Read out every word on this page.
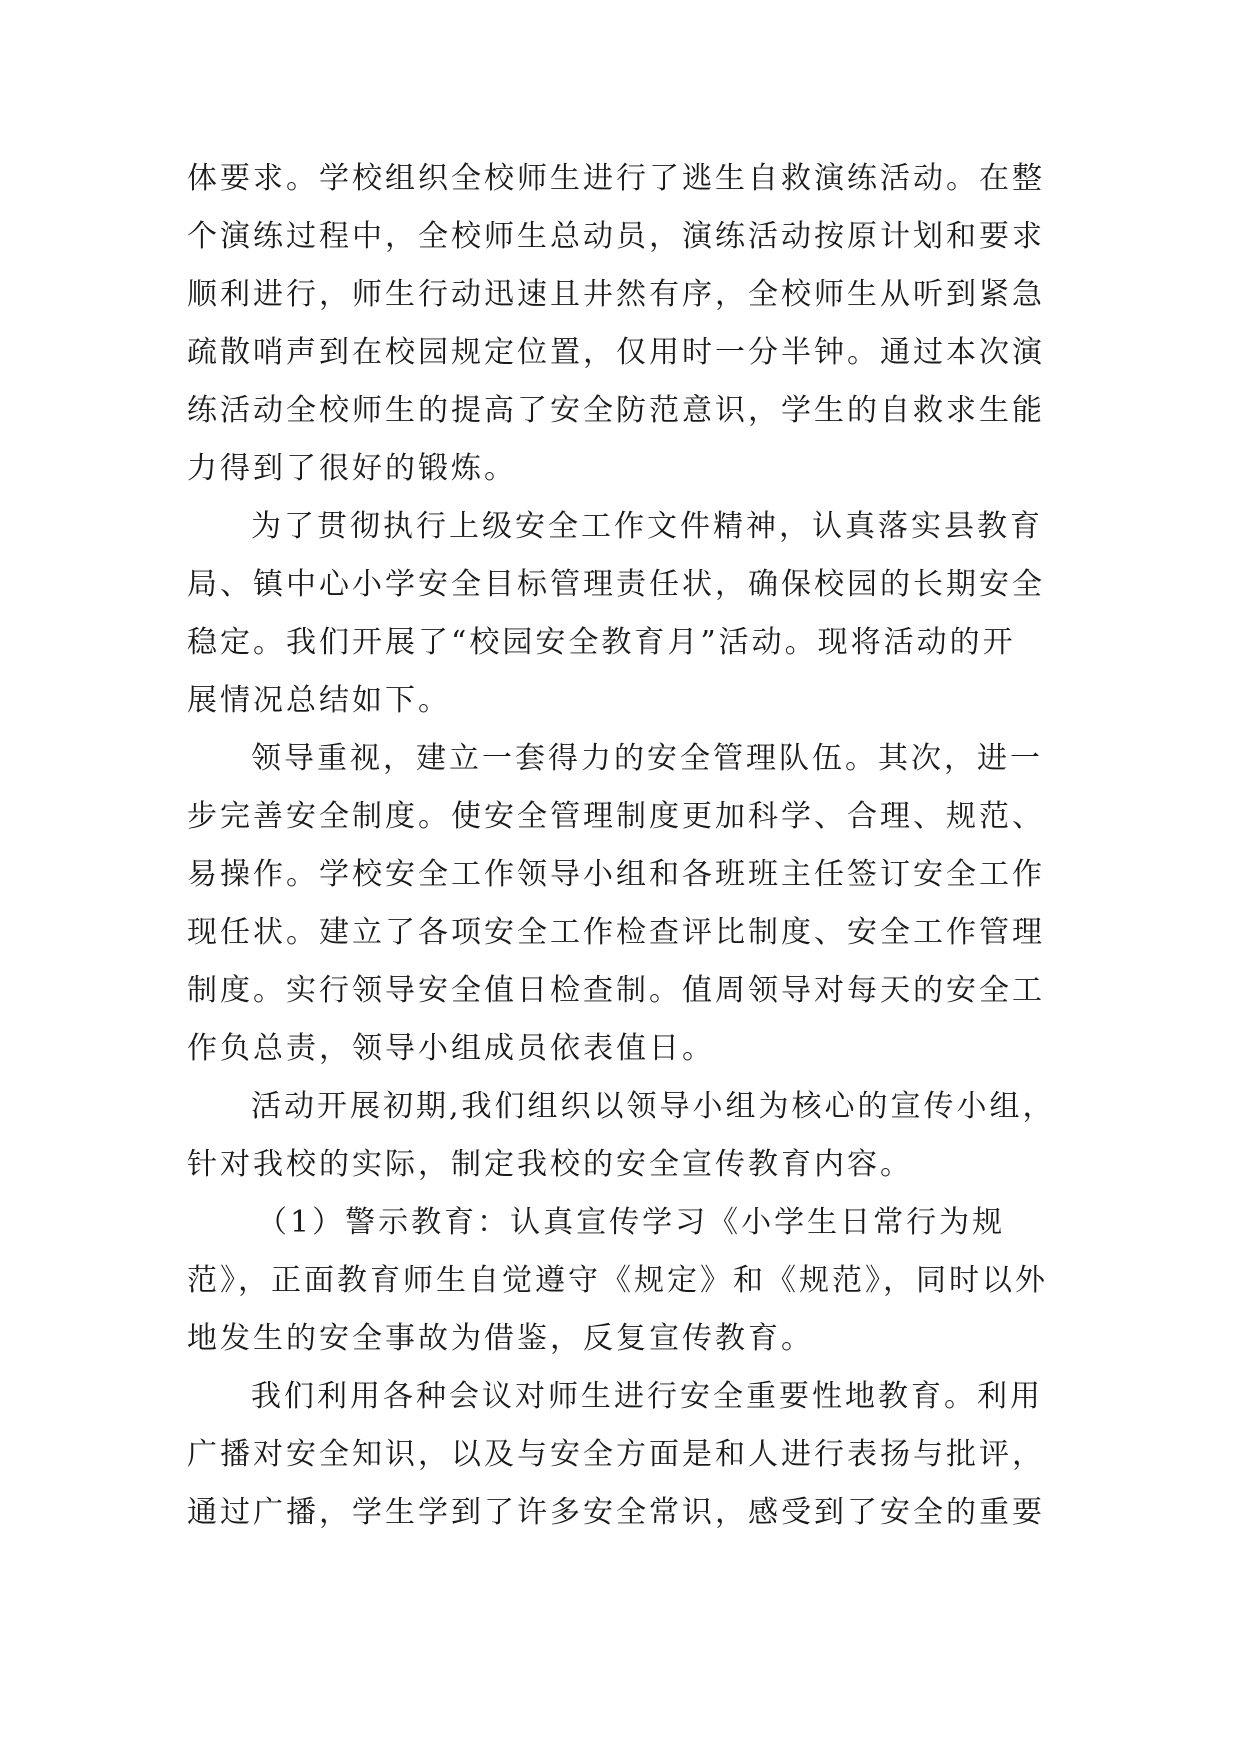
体要求。学校组织全校师生进行了逃生自救演练活动。在整
个演练过程中，全校师生总动员，演练活动按原计划和要求
顺利进行，师生行动迅速且井然有序，全校师生从听到紧急
疏散哨声到在校园规定位置，仅用时一分半钟。通过本次演
练活动全校师生的提高了安全防范意识，学生的自救求生能
力得到了很好的锻炼。
为了贯彻执行上级安全工作文件精神，认真落实县教育
局、镇中心小学安全目标管理责任状，确保校园的长期安全
稳定。我们开展了“校园安全教育月”活动。现将活动的开
展情况总结如下。
领导重视，建立一套得力的安全管理队伍。其次，进一
步完善安全制度。使安全管理制度更加科学、合理、规范、
易操作。学校安全工作领导小组和各班班主任签订安全工作
现任状。建立了各项安全工作检查评比制度、安全工作管理
制度。实行领导安全值日检查制。值周领导对每天的安全工
作负总责，领导小组成员依表值日。
活动开展初期,我们组织以领导小组为核心的宣传小组，
针对我校的实际，制定我校的安全宣传教育内容。
（1）警示教育：认真宣传学习《小学生日常行为规
范》，正面教育师生自觉遵守《规定》和《规范》，同时以外
地发生的安全事故为借鉴，反复宣传教育。
我们利用各种会议对师生进行安全重要性地教育。利用
广播对安全知识，以及与安全方面是和人进行表扬与批评，
通过广播，学生学到了许多安全常识，感受到了安全的重要
